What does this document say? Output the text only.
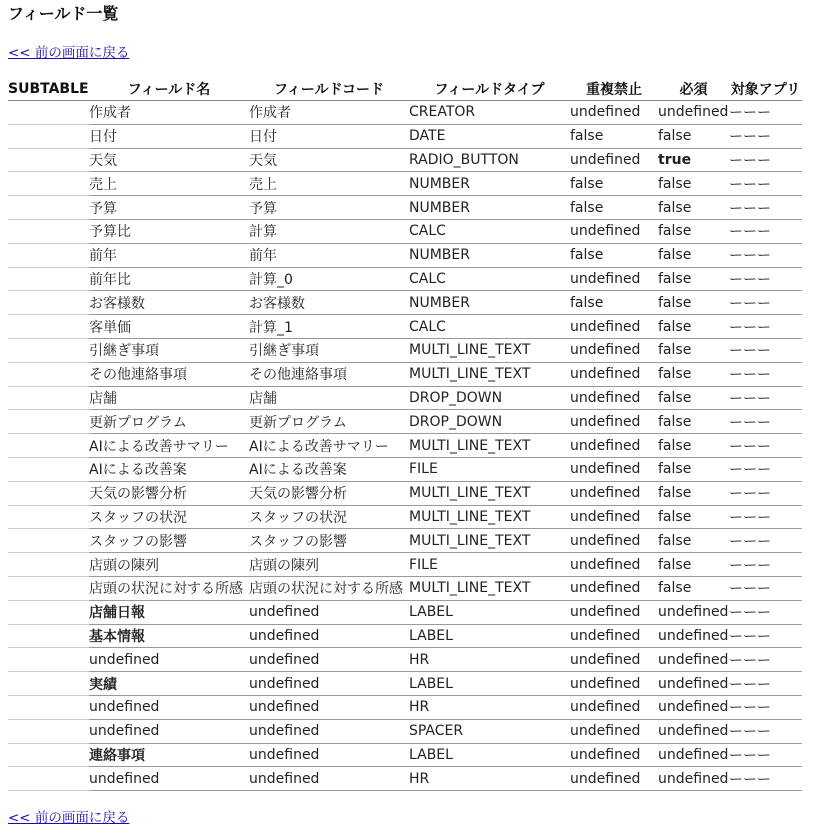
フィールド一覧
<< 前の画面に戻る
SUBTABLE	フィールド名	フィールドコード	フィールドタイプ	重複禁止	必須	対象アプリ
	作成者	作成者	CREATOR	undefined	undefined	ーーー
	日付	日付	DATE	false	false	ーーー
	天気	天気	RADIO_BUTTON	undefined	true	ーーー
	売上	売上	NUMBER	false	false	ーーー
	予算	予算	NUMBER	false	false	ーーー
	予算比	計算	CALC	undefined	false	ーーー
	前年	前年	NUMBER	false	false	ーーー
	前年比	計算_0	CALC	undefined	false	ーーー
	お客様数	お客様数	NUMBER	false	false	ーーー
	客単価	計算_1	CALC	undefined	false	ーーー
	引継ぎ事項	引継ぎ事項	MULTI_LINE_TEXT	undefined	false	ーーー
	その他連絡事項	その他連絡事項	MULTI_LINE_TEXT	undefined	false	ーーー
	店舗	店舗	DROP_DOWN	undefined	false	ーーー
	更新プログラム	更新プログラム	DROP_DOWN	undefined	false	ーーー
	AIによる改善サマリー	AIによる改善サマリー	MULTI_LINE_TEXT	undefined	false	ーーー
	AIによる改善案	AIによる改善案	FILE	undefined	false	ーーー
	天気の影響分析	天気の影響分析	MULTI_LINE_TEXT	undefined	false	ーーー
	スタッフの状況	スタッフの状況	MULTI_LINE_TEXT	undefined	false	ーーー
	スタッフの影響	スタッフの影響	MULTI_LINE_TEXT	undefined	false	ーーー
	店頭の陳列	店頭の陳列	FILE	undefined	false	ーーー
	店頭の状況に対する所感	店頭の状況に対する所感	MULTI_LINE_TEXT	undefined	false	ーーー
	店舗日報	undefined	LABEL	undefined	undefined	ーーー
	基本情報	undefined	LABEL	undefined	undefined	ーーー
	undefined	undefined	HR	undefined	undefined	ーーー
	実績	undefined	LABEL	undefined	undefined	ーーー
	undefined	undefined	HR	undefined	undefined	ーーー
	undefined	undefined	SPACER	undefined	undefined	ーーー
	連絡事項	undefined	LABEL	undefined	undefined	ーーー
	undefined	undefined	HR	undefined	undefined	ーーー
<< 前の画面に戻る
